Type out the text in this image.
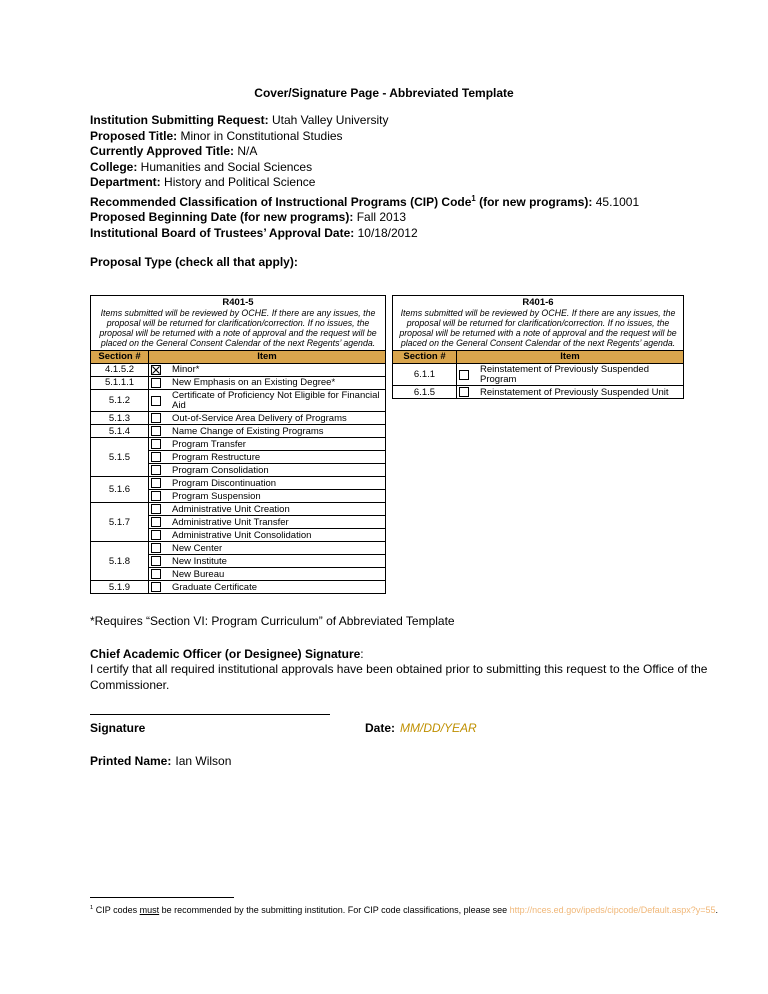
Cover/Signature Page - Abbreviated Template
Institution Submitting Request: Utah Valley University
Proposed Title: Minor in Constitutional Studies
Currently Approved Title: N/A
College: Humanities and Social Sciences
Department: History and Political Science
Recommended Classification of Instructional Programs (CIP) Code$^1$ (for new programs): 45.1001
Proposed Beginning Date (for new programs): Fall 2013
Institutional Board of Trustees’ Approval Date: 10/18/2012
Proposal Type (check all that apply):
R401-5
Items submitted will be reviewed by OCHE. If there are any issues, the proposal will be returned for clarification/correction. If no issues, the proposal will be returned with a note of approval and the request will be placed on the General Consent Calendar of the next Regents’ agenda.	

Section #	Item
4.1.5.2	Minor*

5.1.1.1	New Emphasis on an Existing Degree*

5.1.2	Certificate of Proficiency Not Eligible for Financial Aid

5.1.3	Out-of-Service Area Delivery of Programs

5.1.4	Name Change of Existing Programs

5.1.5	Program Transfer

	Program Restructure

	Program Consolidation

5.1.6	Program Discontinuation

	Program Suspension

5.1.7	Administrative Unit Creation

	Administrative Unit Transfer

	Administrative Unit Consolidation

5.1.8	New Center

	New Institute

	New Bureau

5.1.9	Graduate Certificate
R401-6
Items submitted will be reviewed by OCHE. If there are any issues, the proposal will be returned for clarification/correction. If no issues, the proposal will be returned with a note of approval and the request will be placed on the General Consent Calendar of the next Regents’ agenda.	

Section #	Item
6.1.1	Reinstatement of Previously Suspended Program

6.1.5	Reinstatement of Previously Suspended Unit
*Requires “Section VI: Program Curriculum” of Abbreviated Template
Chief Academic Officer (or Designee) Signature:
I certify that all required institutional approvals have been obtained prior to submitting this request to the Office of the Commissioner.
Signature	Date: MM/DD/YEAR
Printed Name: Ian Wilson
$^1$ CIP codes must be recommended by the submitting institution. For CIP code classifications, please see http://nces.ed.gov/ipeds/cipcode/Default.aspx?y=55.
